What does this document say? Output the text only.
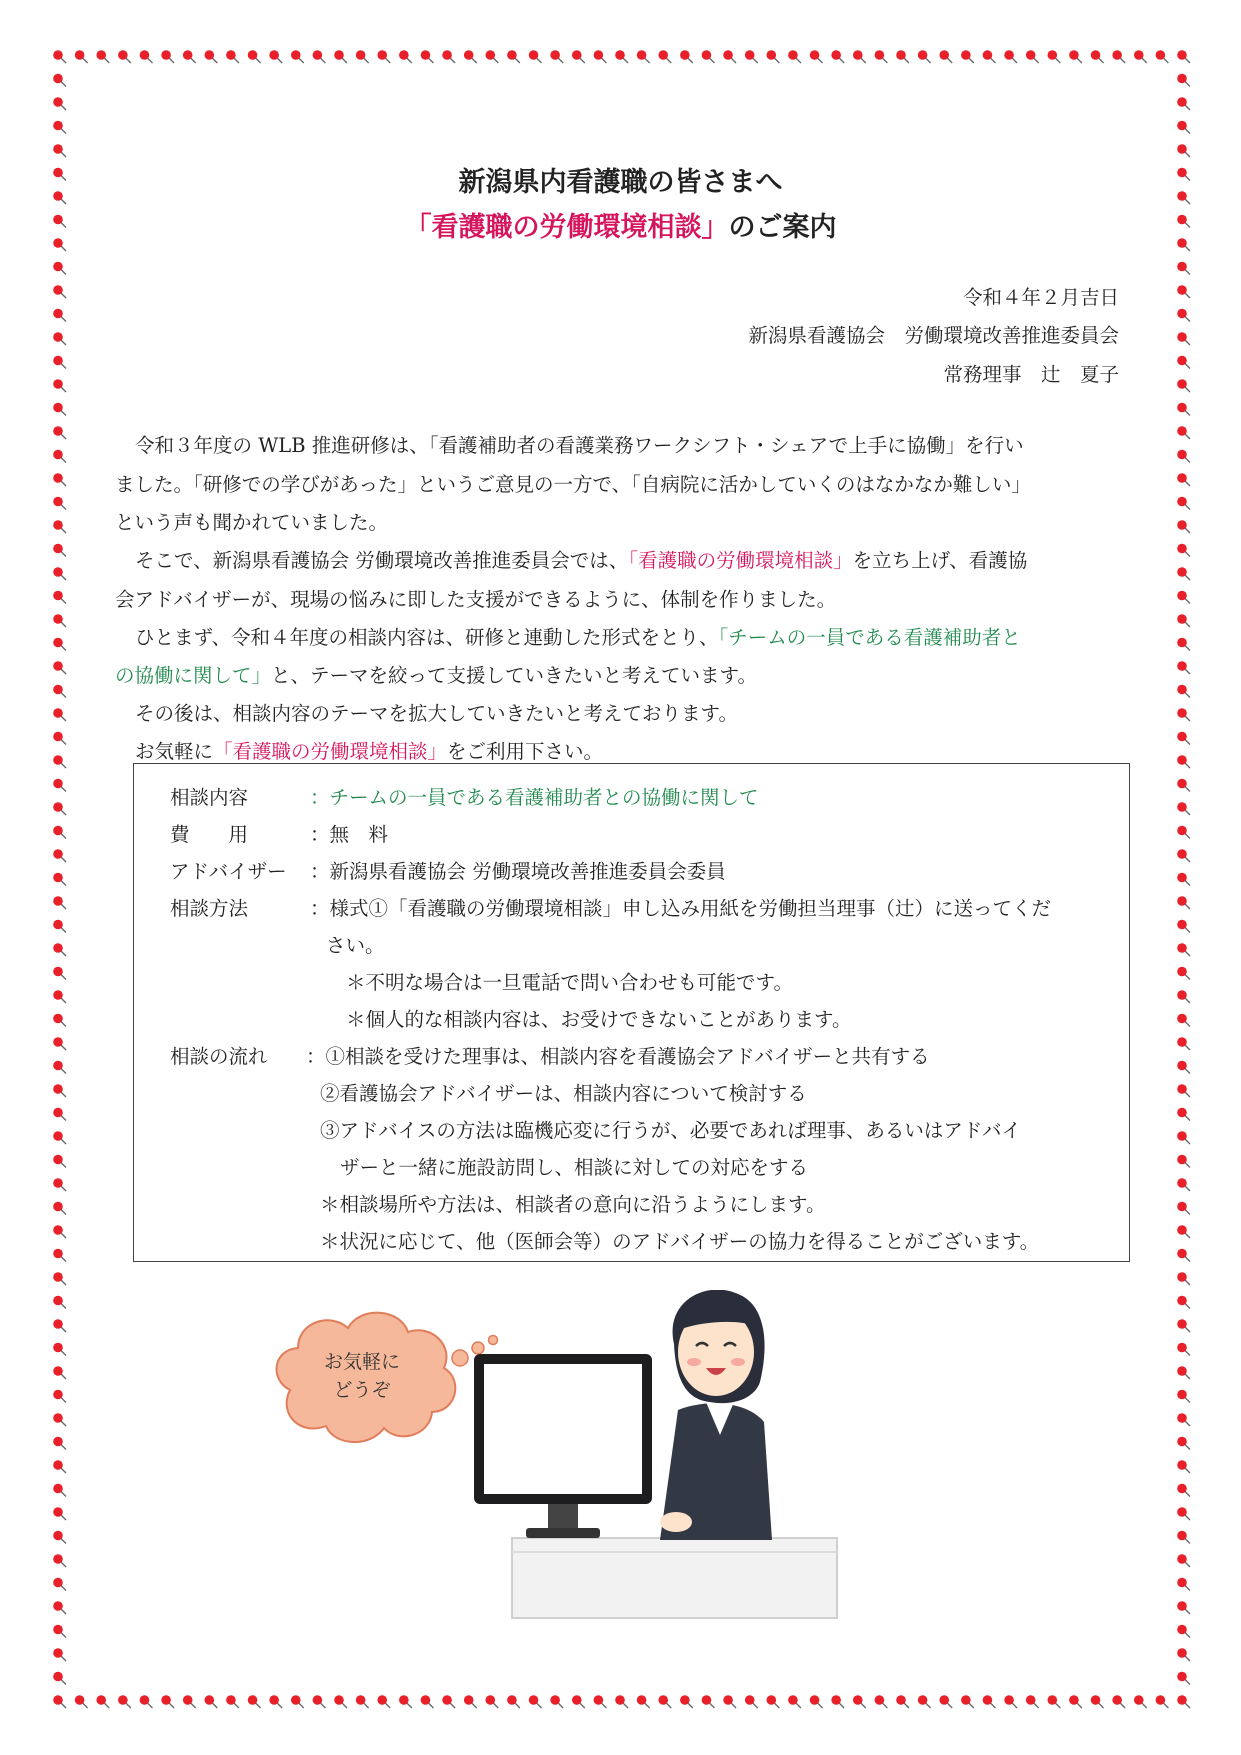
新潟県内看護職の皆さまへ
「看護職の労働環境相談」のご案内
令和４年２月吉日
新潟県看護協会　労働環境改善推進委員会
常務理事　辻　夏子
令和３年度の WLB 推進研修は、「看護補助者の看護業務ワークシフト・シェアで上手に協働」を行い
ました。「研修での学びがあった」というご意見の一方で、「自病院に活かしていくのはなかなか難しい」
という声も聞かれていました。
そこで、新潟県看護協会 労働環境改善推進委員会では、「看護職の労働環境相談」を立ち上げ、看護協
会アドバイザーが、現場の悩みに即した支援ができるように、体制を作りました。
ひとまず、令和４年度の相談内容は、研修と連動した形式をとり、「チームの一員である看護補助者と
の協働に関して」と、テーマを絞って支援していきたいと考えています。
その後は、相談内容のテーマを拡大していきたいと考えております。
お気軽に「看護職の労働環境相談」をご利用下さい。
相談内容	：チームの一員である看護補助者との協働に関して
費　　用	：無　料
アドバイザー ：新潟県看護協会 労働環境改善推進委員会委員
相談方法	：様式①「看護職の労働環境相談」申し込み用紙を労働担当理事（辻）に送ってくだ
さい。
＊不明な場合は一旦電話で問い合わせも可能です。
＊個人的な相談内容は、お受けできないことがあります。
相談の流れ ：①相談を受けた理事は、相談内容を看護協会アドバイザーと共有する
②看護協会アドバイザーは、相談内容について検討する
③アドバイスの方法は臨機応変に行うが、必要であれば理事、あるいはアドバイ
ザーと一緒に施設訪問し、相談に対しての対応をする
＊相談場所や方法は、相談者の意向に沿うようにします。
＊状況に応じて、他（医師会等）のアドバイザーの協力を得ることがございます。
お気軽に
どうぞ
